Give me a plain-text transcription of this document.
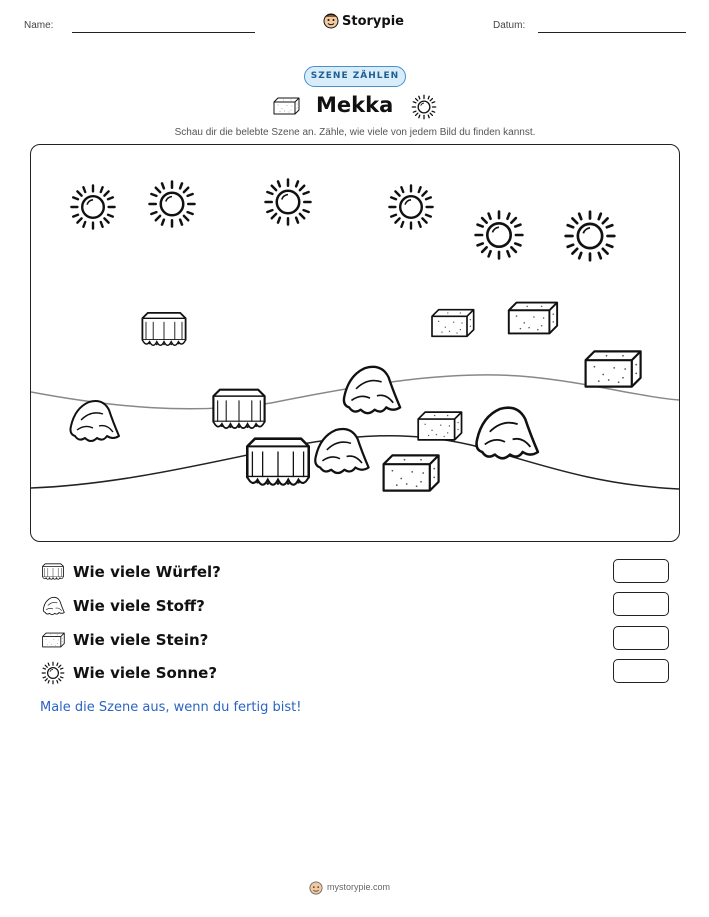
Name:	Storypie	Datum:
SZENE ZÄHLEN
Mekka
Schau dir die belebte Szene an. Zähle, wie viele von jedem Bild du finden kannst.
Wie viele Würfel?
Wie viele Stoff?
Wie viele Stein?
Wie viele Sonne?
Male die Szene aus, wenn du fertig bist!
mystorypie.com
